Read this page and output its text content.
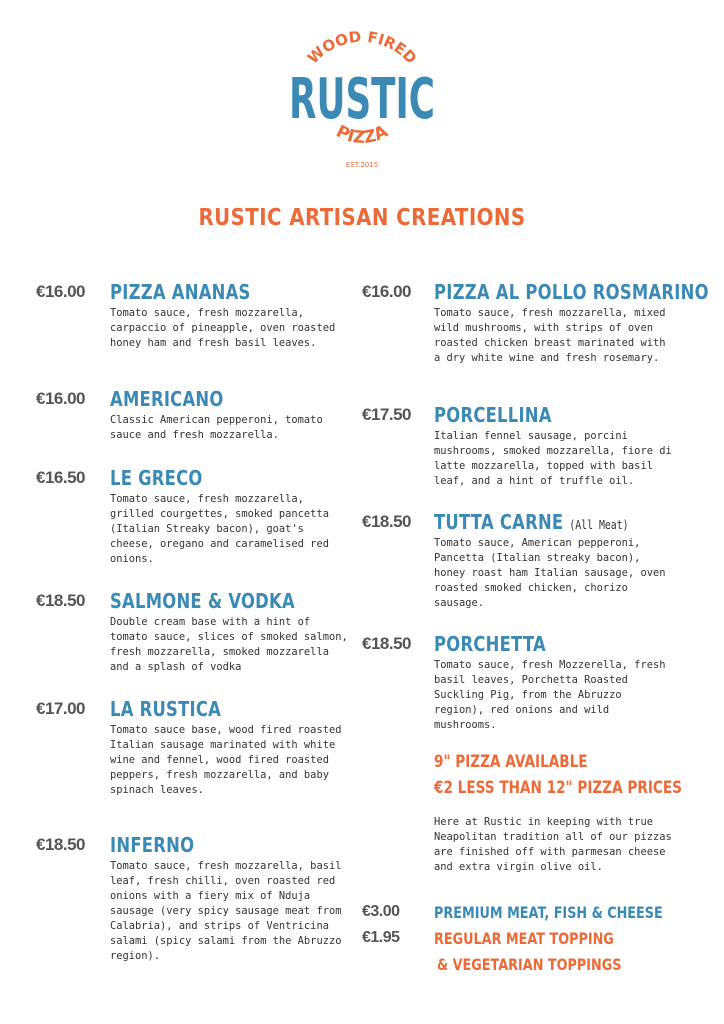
WOOD FIRED
RUSTIC
PIZZA
EST.2015
RUSTIC ARTISAN CREATIONS
€16.00 PIZZA ANANAS
Tomato sauce, fresh mozzarella, carpaccio of pineapple, oven roasted honey ham and fresh basil leaves.
€16.00 AMERICANO
Classic American pepperoni, tomato sauce and fresh mozzarella.
€16.50 LE GRECO
Tomato sauce, fresh mozzarella, grilled courgettes, smoked pancetta (Italian Streaky bacon), goat's cheese, oregano and caramelised red onions.
€18.50 SALMONE & VODKA
Double cream base with a hint of tomato sauce, slices of smoked salmon, fresh mozzarella, smoked mozzarella and a splash of vodka
€17.00 LA RUSTICA
Tomato sauce base, wood fired roasted Italian sausage marinated with white wine and fennel, wood fired roasted peppers, fresh mozzarella, and baby spinach leaves.
€18.50 INFERNO
Tomato sauce, fresh mozzarella, basil leaf, fresh chilli, oven roasted red onions with a fiery mix of Nduja sausage (very spicy sausage meat from Calabria), and strips of Ventricina salami (spicy salami from the Abruzzo region).
€16.00 PIZZA AL POLLO ROSMARINO
Tomato sauce, fresh mozzarella, mixed wild mushrooms, with strips of oven roasted chicken breast marinated with a dry white wine and fresh rosemary.
€17.50 PORCELLINA
Italian fennel sausage, porcini mushrooms, smoked mozzarella, fiore di latte mozzarella, topped with basil leaf, and a hint of truffle oil.
€18.50 TUTTA CARNE (All Meat)
Tomato sauce, American pepperoni, Pancetta (Italian streaky bacon), honey roast ham Italian sausage, oven roasted smoked chicken, chorizo sausage.
€18.50 PORCHETTA
Tomato sauce, fresh Mozzerella, fresh basil leaves, Porchetta Roasted Suckling Pig, from the Abruzzo region), red onions and wild mushrooms.
9" PIZZA AVAILABLE
€2 LESS THAN 12" PIZZA PRICES
Here at Rustic in keeping with true Neapolitan tradition all of our pizzas are finished off with parmesan cheese and extra virgin olive oil.
€3.00 PREMIUM MEAT, FISH & CHEESE
€1.95 REGULAR MEAT TOPPING
& VEGETARIAN TOPPINGS
